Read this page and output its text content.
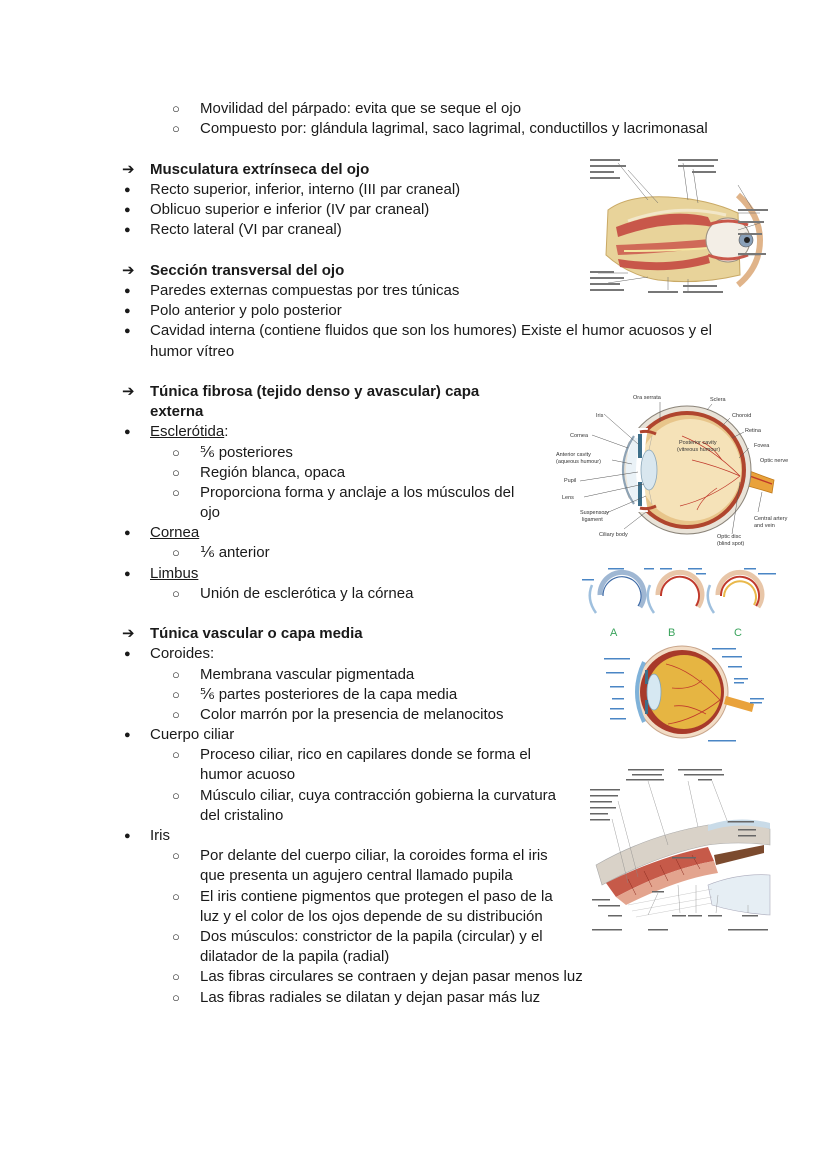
○ Movilidad del párpado: evita que se seque el ojo
○ Compuesto por: glándula lagrimal, saco lagrimal, conductillos y lacrimonasal
➔ Musculatura extrínseca del ojo
● Recto superior, inferior, interno (III par craneal)
● Oblicuo superior e inferior (IV par craneal)
● Recto lateral (VI par craneal)
➔ Sección transversal del ojo
● Paredes externas compuestas por tres túnicas
● Polo anterior y polo posterior
● Cavidad interna (contiene fluidos que son los humores) Existe el humor acuosos y el
humor vítreo
➔ Túnica fibrosa (tejido denso y avascular) capa
externa
● Esclerótida:
○ ⅚ posteriores
○ Región blanca, opaca
○ Proporciona forma y anclaje a los músculos del
ojo
● Cornea
○ ⅙ anterior
● Limbus
○ Unión de esclerótica y la córnea
➔ Túnica vascular o capa media
● Coroides:
○ Membrana vascular pigmentada
○ ⅚ partes posteriores de la capa media
○ Color marrón por la presencia de melanocitos
● Cuerpo ciliar
○ Proceso ciliar, rico en capilares donde se forma el
humor acuoso
○ Músculo ciliar, cuya contracción gobierna la curvatura
del cristalino
● Iris
○ Por delante del cuerpo ciliar, la coroides forma el iris
que presenta un agujero central llamado pupila
○ El iris contiene pigmentos que protegen el paso de la
luz y el color de los ojos depende de su distribución
○ Dos músculos: constrictor de la papila (circular) y el
dilatador de la papila (radial)
○ Las fibras circulares se contraen y dejan pasar menos luz
○ Las fibras radiales se dilatan y dejan pasar más luz
Ora serrata	Sclera
Iris	Choroid
Retina
Cornea
Posterior cavity
(vitreous humour)
Fovea
Anterior cavity
(aqueous humour)	Optic nerve
Pupil
Lens
Suspensory
ligament	Central artery
and vein
Ciliary body	Optic disc
(blind spot)
A	B	C
